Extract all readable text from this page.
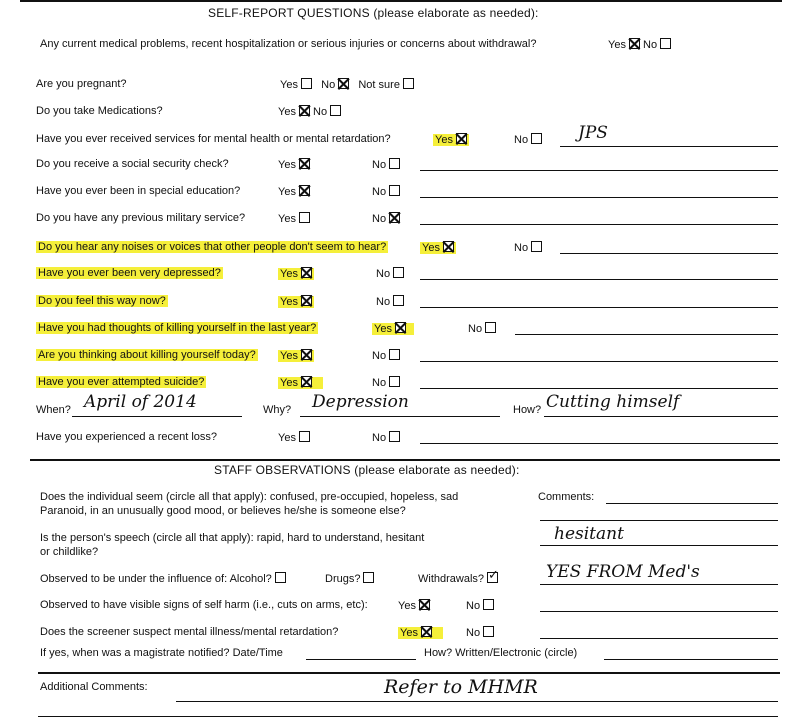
SELF-REPORT QUESTIONS (please elaborate as needed):
Any current medical problems, recent hospitalization or serious injuries or concerns about withdrawal?	Yes No
Are you pregnant?	Yes No Not sure
Do you take Medications?	Yes No
Have you ever received services for mental health or mental retardation?	Yes	No	JPS
Do you receive a social security check?	Yes	No
Have you ever been in special education?	Yes	No
Do you have any previous military service?	Yes	No
Do you hear any noises or voices that other people don't seem to hear?	Yes	No
Have you ever been very depressed?	Yes	No
Do you feel this way now?	Yes	No
Have you had thoughts of killing yourself in the last year?	Yes	No
Are you thinking about killing yourself today? Yes	No
Have you ever attempted suicide?	Yes	No
When? April of 2014	Why? Depression	How? Cutting himself
Have you experienced a recent loss?	Yes	No
STAFF OBSERVATIONS (please elaborate as needed):
Does the individual seem (circle all that apply): confused, pre-occupied, hopeless, sad
Paranoid, in an unusually good mood, or believes he/she is someone else?
Comments:
Is the person's speech (circle all that apply): rapid, hard to understand, hesitant
or childlike?
hesitant
Observed to be under the influence of: Alcohol?	Drugs?	Withdrawals?✓	YES FROM Med's
Observed to have visible signs of self harm (i.e., cuts on arms, etc):	Yes	No
Does the screener suspect mental illness/mental retardation?	Yes	No
If yes, when was a magistrate notified? Date/Time	How? Written/Electronic (circle)
Additional Comments:	Refer to MHMR
